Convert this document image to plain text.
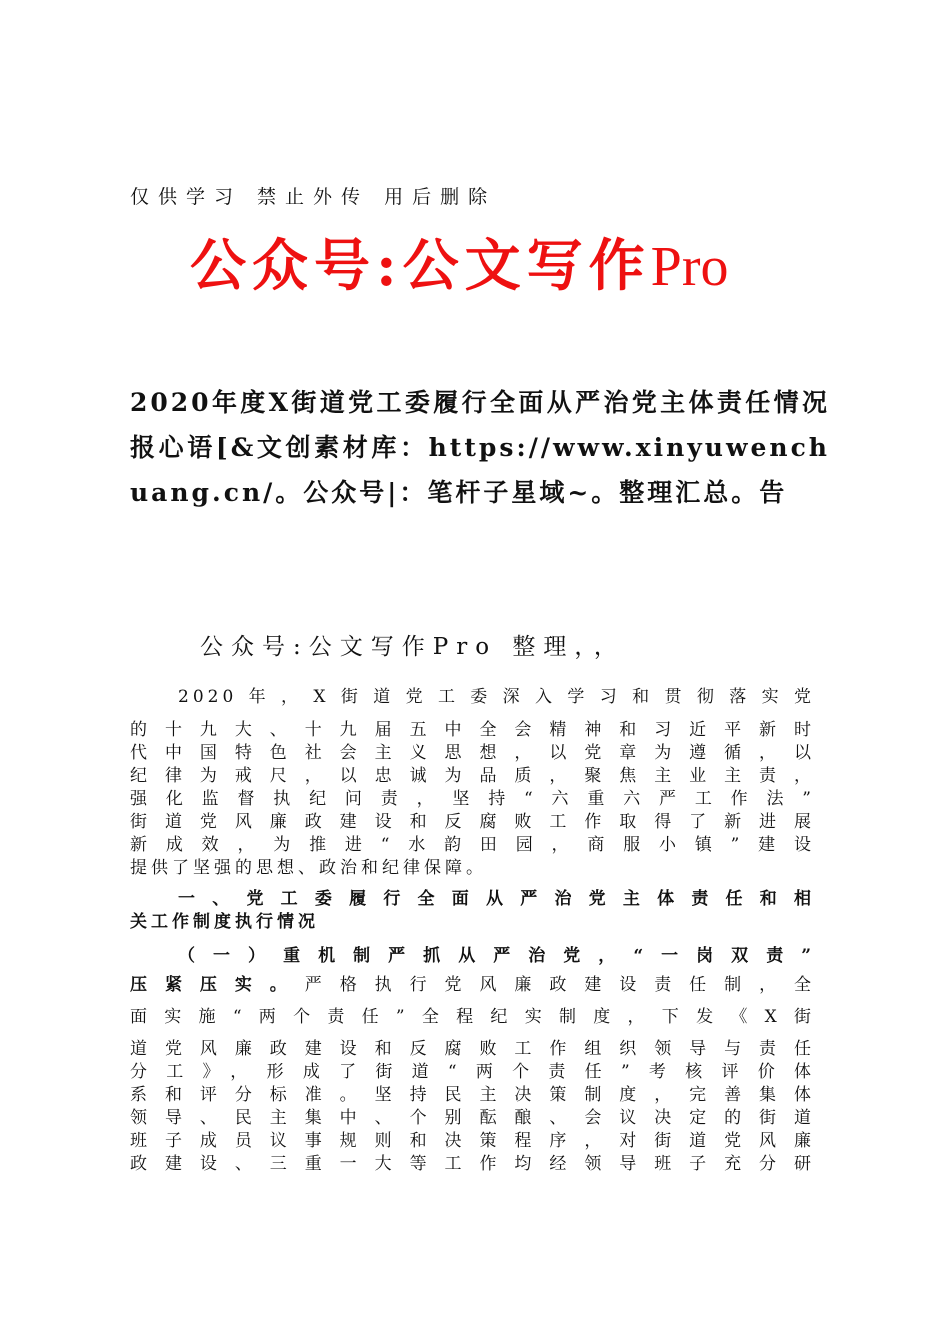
仅供学习 禁止外传 用后删除
公众号:公文写作Pro
2020年度X街道党工委履行全面从严治党主体责任情况报心语[&文创素材库：https://www.xinyuwenchuang.cn/。公众号|：笔杆子星域~。整理汇总。告
公众号:公文写作Pro 整理，，
2020年，X街道党工委深入学习和贯彻落实党
的十九大、十九届五中全会精神和习近平新时
代中国特色社会主义思想，以党章为遵循，以
纪律为戒尺，以忠诚为品质，聚焦主业主责，
强化监督执纪问责，坚持“六重六严工作法”
街道党风廉政建设和反腐败工作取得了新进展
新成效，为推进“水韵田园，商服小镇”建设
提供了坚强的思想、政治和纪律保障。
一、党工委履行全面从严治党主体责任和相
关工作制度执行情况
（一）重机制严抓从严治党，“一岗双责”
压紧压实。严格执行党风廉政建设责任制，全
面实施“两个责任”全程纪实制度，下发《X街
道党风廉政建设和反腐败工作组织领导与责任
分工》，形成了街道“两个责任”考核评价体
系和评分标准。坚持民主决策制度，完善集体
领导、民主集中、个别酝酿、会议决定的街道
班子成员议事规则和决策程序，对街道党风廉
政建设、三重一大等工作均经领导班子充分研
